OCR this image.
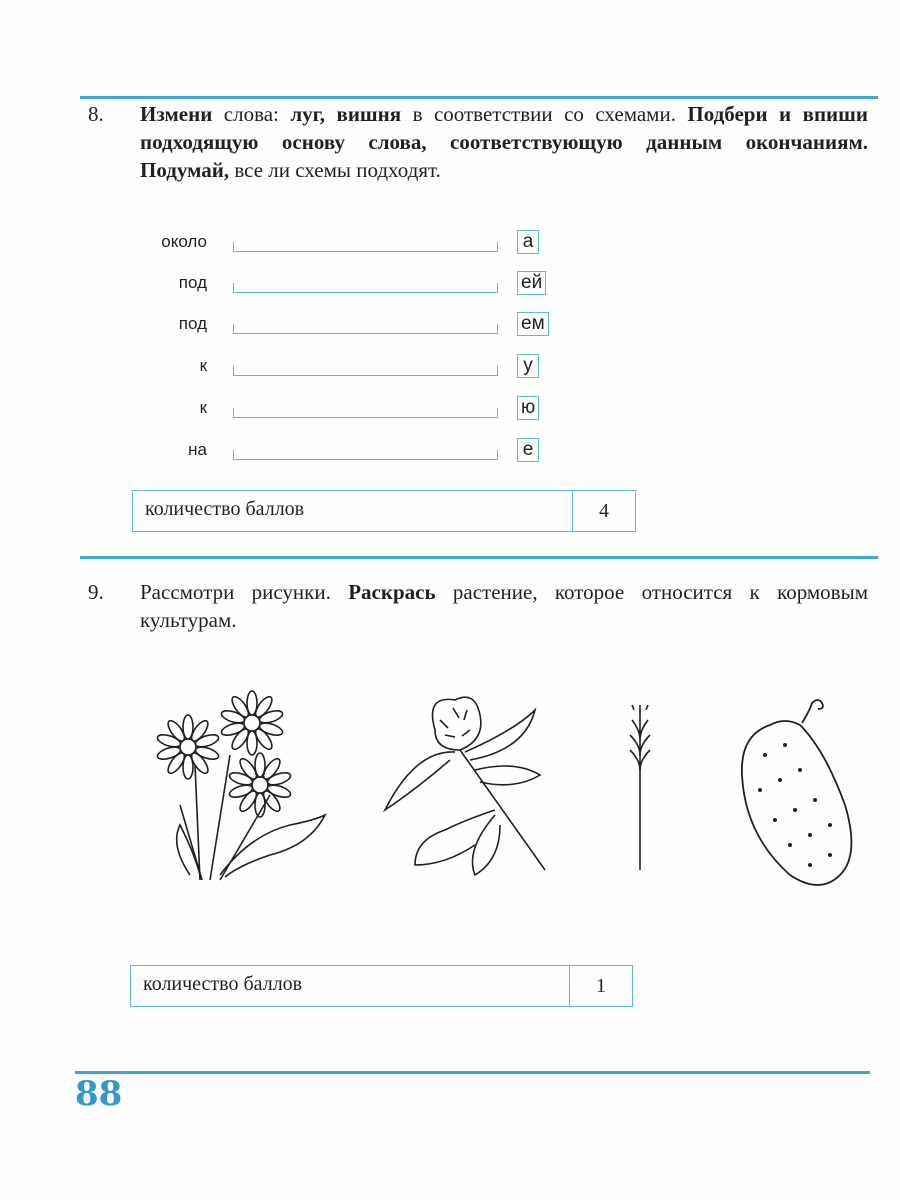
8. Измени слова: луг, вишня в соответствии со схемами. Подбери и впиши подходящую основу слова, соответствующую данным окончаниям. Подумай, все ли схемы подходят.
около	а
под	ей
под	ем
к	у
к	ю
на	е
количество баллов	4
9. Рассмотри рисунки. Раскрась растение, которое относится к кормовым культурам.
количество баллов	1
88
